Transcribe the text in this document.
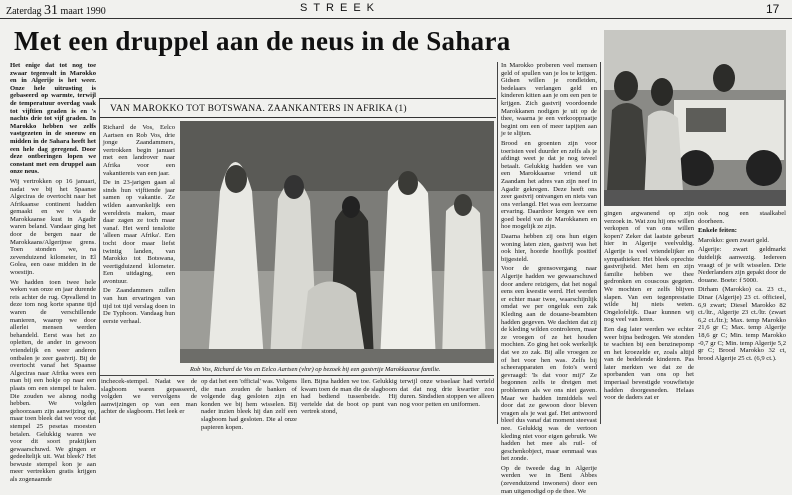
Zaterdag 31 maart 1990	STREEK	17
Met een druppel aan de neus in de Sahara

Het enige dat tot nog toe zwaar tegenvalt in Marokko en in Algerije is het weer. Onze hele uitrusting is gebaseerd op warmte, terwijl de temperatuur overdag vaak tot vijftien graden is en 's nachts drie tot vijf graden. In Marokko hebben we zelfs vastgezeten in de sneeuw en midden in de Sahara heeft het een hele dag geregend. Door deze ontberingen lopen we constant met een druppel aan onze neus.

Wij vertrokken op 16 januari, nadat we bij het Spaanse Algeciras de overtocht naar het Afrikaanse continent hadden gemaakt en we via de Marokkaanse kust in Agadir waren beland. Vandaar ging het door de bergen naar de Marokkaans/Algerijnse grens. Toen stonden we, na zevenduizend kilometer, in El Golea, een oase midden in de woestijn.

We hadden toen twee hele weken van onze en jaar durende reis achter de rug. Opvallend in deze tom nog korte spanne tijd waren de verschillende manieren, waarop we door allerlei mensen werden behandeld. Eerst was het zo opletten, de ander in gewoon vriendelijk en weer anderen ontbalen je zeer gastvrij. Bij de overtocht vanaf het Spaanse Algeciras naar Afrika wees een man bij een hokje op naar een plaats om een stempel te halen. Die zouden we alsnog nodig hebben. We volgden gehoorzaam zijn aanwijzing op, maar toen bleek dat we voor dat stempel 25 pesetas moesten betalen. Gelukkig waren we voor dit soort praktijken gewaarschuwd. We gingen er gedeeltelijk uit. Wat bleek? Het bewuste stempel kon je aan meer vertrekken gratis krijgen als zogenaamde

VAN MAROKKO TOT BOTSWANA. ZAANKANTERS IN AFRIKA (1)

Richard de Vos, Eelco Aartsen en Rob Vos, drie jonge Zaandammers, vertrokken begin januari met een landrover naar Afrika voor een vakantiereis van een jaar.

De in 23-jarigen gaan al sinds hun vijftiende jaar samen op vakantie. Ze wilden aanvankelijk een wereldreis maken, maar daar zagen ze toch maar vanaf. Het werd tenslotte 'alleen maar Afrika'. Een tocht door maar liefst twintig landen, van Marokko tot Botswana, veertigduizend kilometer. Een uitdaging, een avontuur.

De Zaandammers zullen van hun ervaringen van tijd tot tijd verslag doen in De Typhoon. Vandaag hun eerste verhaal.

Rob Vos, Richard de Vos en Eelco Aartsen (vlnr) op bezoek bij een gastvrije Marokkaanse familie.

inchecek-stempel. Nadat we de slagboom waren gepasseerd, volgden we vervolgens de aanwijzingen op van een man achter de slagboom. Het leek er

op dat het een 'official' was. Volgens die man zouden de banken of volgende dag gesloten zijn en konden we bij hem wisselen. Bij nader inzien bleek hij dan zelf een slagboom had gesloten. Die al onze papieren kopen.

llen. Bijna hadden we toe. Gelukkig kwam toen de man die de slagboom had bediend tussenbeide. Hij vertelde dat de boot op punt van vertrek stond,

terwijl onze wisselaar had verteld dat dat nog drie kwartier zou duren. Sindsdien stoppen we alleen nog voor petten en uniformen.

In Marokko proberen veel mensen geld of spullen van je los te krijgen. Gidsen willen je rondleiden, bedelaars verlangen geld en kinderen kitten aan je om een pen te krijgen. Zich gastvrij voordoende Marokkanen nodigen je uit op de thee, waarna je een verkooppraatje begint om een of meer tapijten aan je te slijten.

Brood en groenten zijn voor toeristen veel duurder en zelfs als je afdingt weet je dat je nog teveel betaalt. Gelukkig hadden we van een Marokkaanse vriend uit Zaandam het adres van zijn neef in Agadir gekregen. Deze heeft ons zeer gastvrij ontvangen en niets van ons verlangd. Het was een leerzame ervaring. Daardoor kregen we een goed beeld van de Marokkanen en hoe mogelijk ze zijn.

Daarna hebben zij ons hun eigen woning laten zien, gastvrij was het ook hier, hoorde hooflijk positief bijgesteld.

Voor de grensovergang naar Algerije hadden we gewaarschuwd door andere reizigers, dat het nogal eens een kwestie werd. Het werden er echter maar twee, waarschijnlijk omdat we per ongeluk een zak Kleding aan de douane-beambten hadden gegeven. We dachten dat zij de kleding wilden controleren, maar ze vroegen of ze het houden mochten. Zo ging het ook werkelijk dat we zo zak. Bij alle vroegen ze of het voor hen was. Zelfs bij scheerapparaten en foto's werd gevraagd: 'Is dat voor mij?' Ze begonnen zelfs te dreigen met problemen als we ons niet gaven. Maar we hadden inmiddels wel door dat ze gewoon door bleven vragen als je wat gaf. Het antwoord bleef dus vanaf dat moment steevast nee. Gelukkig was de vertoon kleding niet voor eigen gebruik. We hadden het mee als ruil- of geschenkobject, maar eenmaal was het zonde.

Op de tweede dag in Algerije werden we in Beni Abbes (zevenduizend inwoners) door een man uitgenodigd op de thee. We

gingen argwanend op zijn verzoek in. Wat zou hij ons willen verkopen of van ons willen kopen? Zeker dat laatste gebeurt hier in Algerije veelvuldig. Algerije is veel vriendelijker en sympathieker. Het bleek oprechte gastvrijheid. Met hem en zijn familie hebben we thee gedronken en couscous gegeten. We mochten er zelfs blijven slapen. Van een tegenprestatie wilde hij niets weten. Ongelofelijk. Daar kunnen wij nog veel van leren.

Een dag later werden we echter weer bijna bedrogen. We stonden te wachten bij een benzinepomp en het kroezelde er, zoals altijd van de bedelende kinderen. Pas later merkten we dat ze de sporbanden van ons op het imperiaal bevestigde vouwfietsje hadden doorgesneden. Helaas voor de daders zat er

ook nog een staalkabel doorheen.

Enkele feiten:

Marokko: geen zwart geld.

Algerije: zwart geldmarkt duidelijk aanwezig. Iedereen vraagt of je wilt wisselen. Drie Nederlanders zijn gepakt door de douane. Boete: f 5000.

Dirham (Marokko) ca. 23 ct., Dinar (Algerije) 23 ct. officieel, 6,9 zwart; Diesel Marokko 82 ct./ltr., Algerije 23 ct./ltr. (zwart 6,2 ct./ltr.); Max. temp Marokko 21,6 gr C; Max. temp Algerije 18,6 gr C; Min. temp Marokko -0,7 gr C; Min. temp Algerije 5,2 gr C; Brood Marokko 32 ct, brood Algerije 25 ct. (6,9 ct.).
